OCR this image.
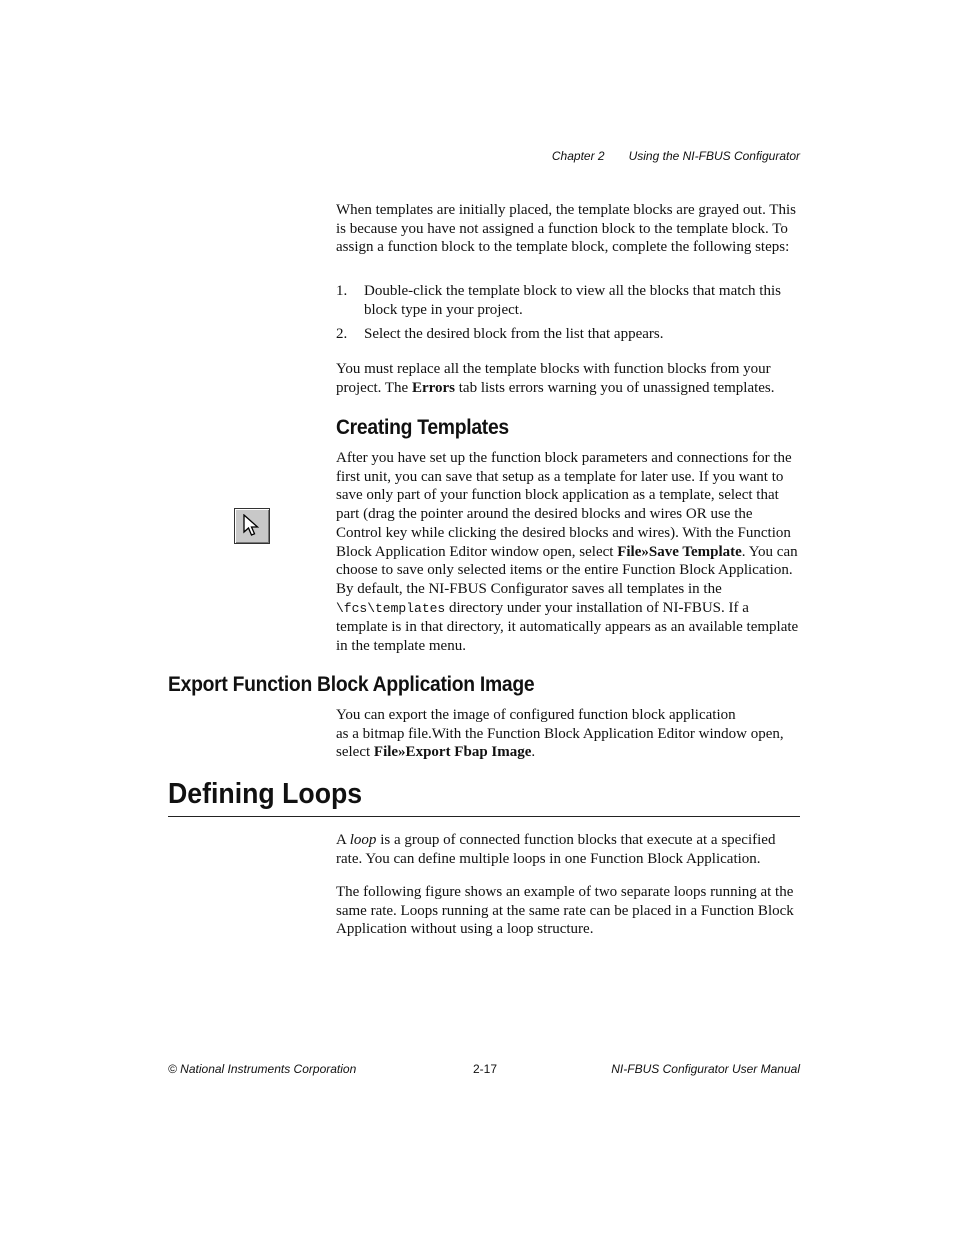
Chapter 2 Using the NI-FBUS Configurator

When templates are initially placed, the template blocks are grayed out. This is because you have not assigned a function block to the template block. To assign a function block to the template block, complete the following steps:

1. Double-click the template block to view all the blocks that match this block type in your project.
2. Select the desired block from the list that appears.

You must replace all the template blocks with function blocks from your project. The Errors tab lists errors warning you of unassigned templates.

Creating Templates

After you have set up the function block parameters and connections for the first unit, you can save that setup as a template for later use. If you want to save only part of your function block application as a template, select that part (drag the pointer around the desired blocks and wires OR use the Control key while clicking the desired blocks and wires). With the Function Block Application Editor window open, select File»Save Template. You can choose to save only selected items or the entire Function Block Application. By default, the NI-FBUS Configurator saves all templates in the \fcs\templates directory under your installation of NI-FBUS. If a template is in that directory, it automatically appears as an available template in the template menu.

Export Function Block Application Image

You can export the image of configured function block application
as a bitmap file.With the Function Block Application Editor window open,
select File»Export Fbap Image.

Defining Loops

A loop is a group of connected function blocks that execute at a specified rate. You can define multiple loops in one Function Block Application.

The following figure shows an example of two separate loops running at the same rate. Loops running at the same rate can be placed in a Function Block Application without using a loop structure.

© National Instruments Corporation	2-17	NI-FBUS Configurator User Manual
